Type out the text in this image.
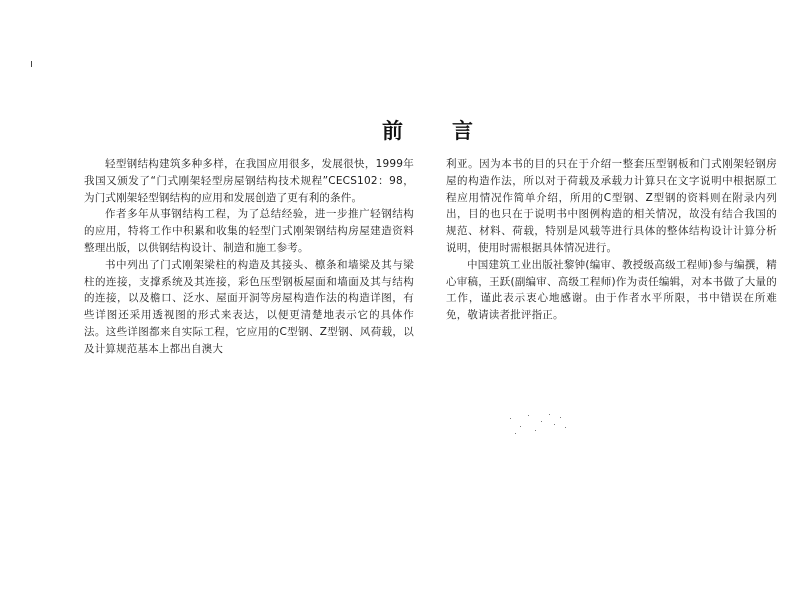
前 言

轻型钢结构建筑多种多样，在我国应用很多，发展很快，1999年我国又颁发了“门式刚架轻型房屋钢结构技术规程”CECS102：98，为门式刚架轻型钢结构的应用和发展创造了更有利的条件。

作者多年从事钢结构工程，为了总结经验，进一步推广轻钢结构的应用，特将工作中积累和收集的轻型门式刚架钢结构房屋建造资料整理出版，以供钢结构设计、制造和施工参考。

书中列出了门式刚架梁柱的构造及其接头、檩条和墙梁及其与梁柱的连接，支撑系统及其连接，彩色压型钢板屋面和墙面及其与结构的连接，以及檐口、泛水、屋面开洞等房屋构造作法的构造详图，有些详图还采用透视图的形式来表达，以便更清楚地表示它的具体作法。这些详图都来自实际工程，它应用的C型钢、Z型钢、风荷载，以及计算规范基本上都出自澳大

利亚。因为本书的目的只在于介绍一整套压型钢板和门式刚架轻钢房屋的构造作法，所以对于荷载及承载力计算只在文字说明中根据原工程应用情况作简单介绍，所用的C型钢、Z型钢的资料则在附录内列出，目的也只在于说明书中图例构造的相关情况，故没有结合我国的规范、材料、荷载，特别是风载等进行具体的整体结构设计计算分析说明，使用时需根据具体情况进行。

中国建筑工业出版社黎钟(编审、教授级高级工程师)参与编撰，精心审稿，王跃(副编审、高级工程师)作为责任编辑，对本书做了大量的工作，谨此表示衷心地感谢。由于作者水平所限，书中错误在所难免，敬请读者批评指正。
